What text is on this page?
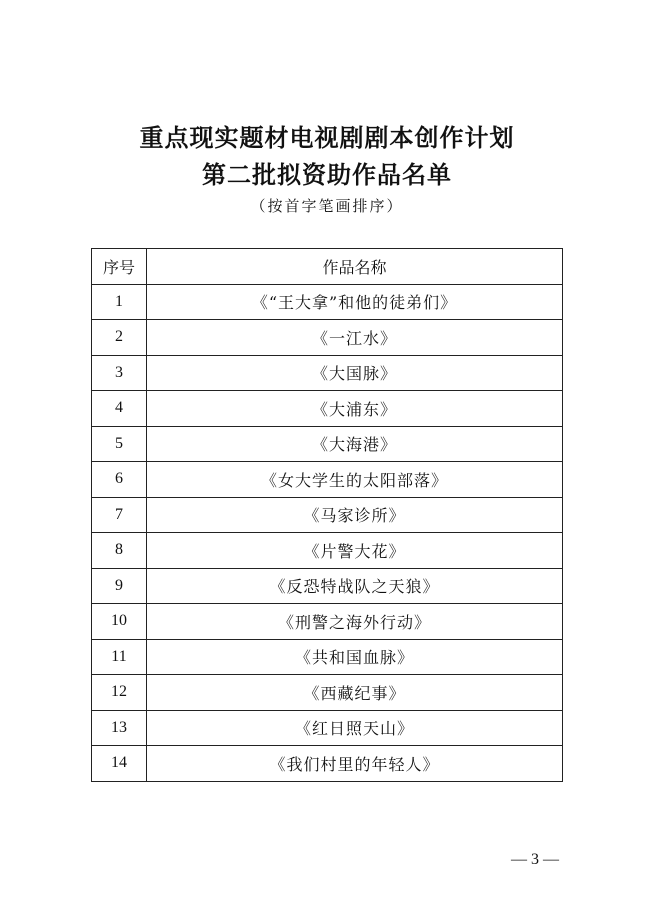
重点现实题材电视剧剧本创作计划
第二批拟资助作品名单
（按首字笔画排序）
序号	作品名称
1	《“王大拿”和他的徒弟们》
2	《一江水》
3	《大国脉》
4	《大浦东》
5	《大海港》
6	《女大学生的太阳部落》
7	《马家诊所》
8	《片警大花》
9	《反恐特战队之天狼》
10	《刑警之海外行动》
11	《共和国血脉》
12	《西藏纪事》
13	《红日照天山》
14	《我们村里的年轻人》
— 3 —
